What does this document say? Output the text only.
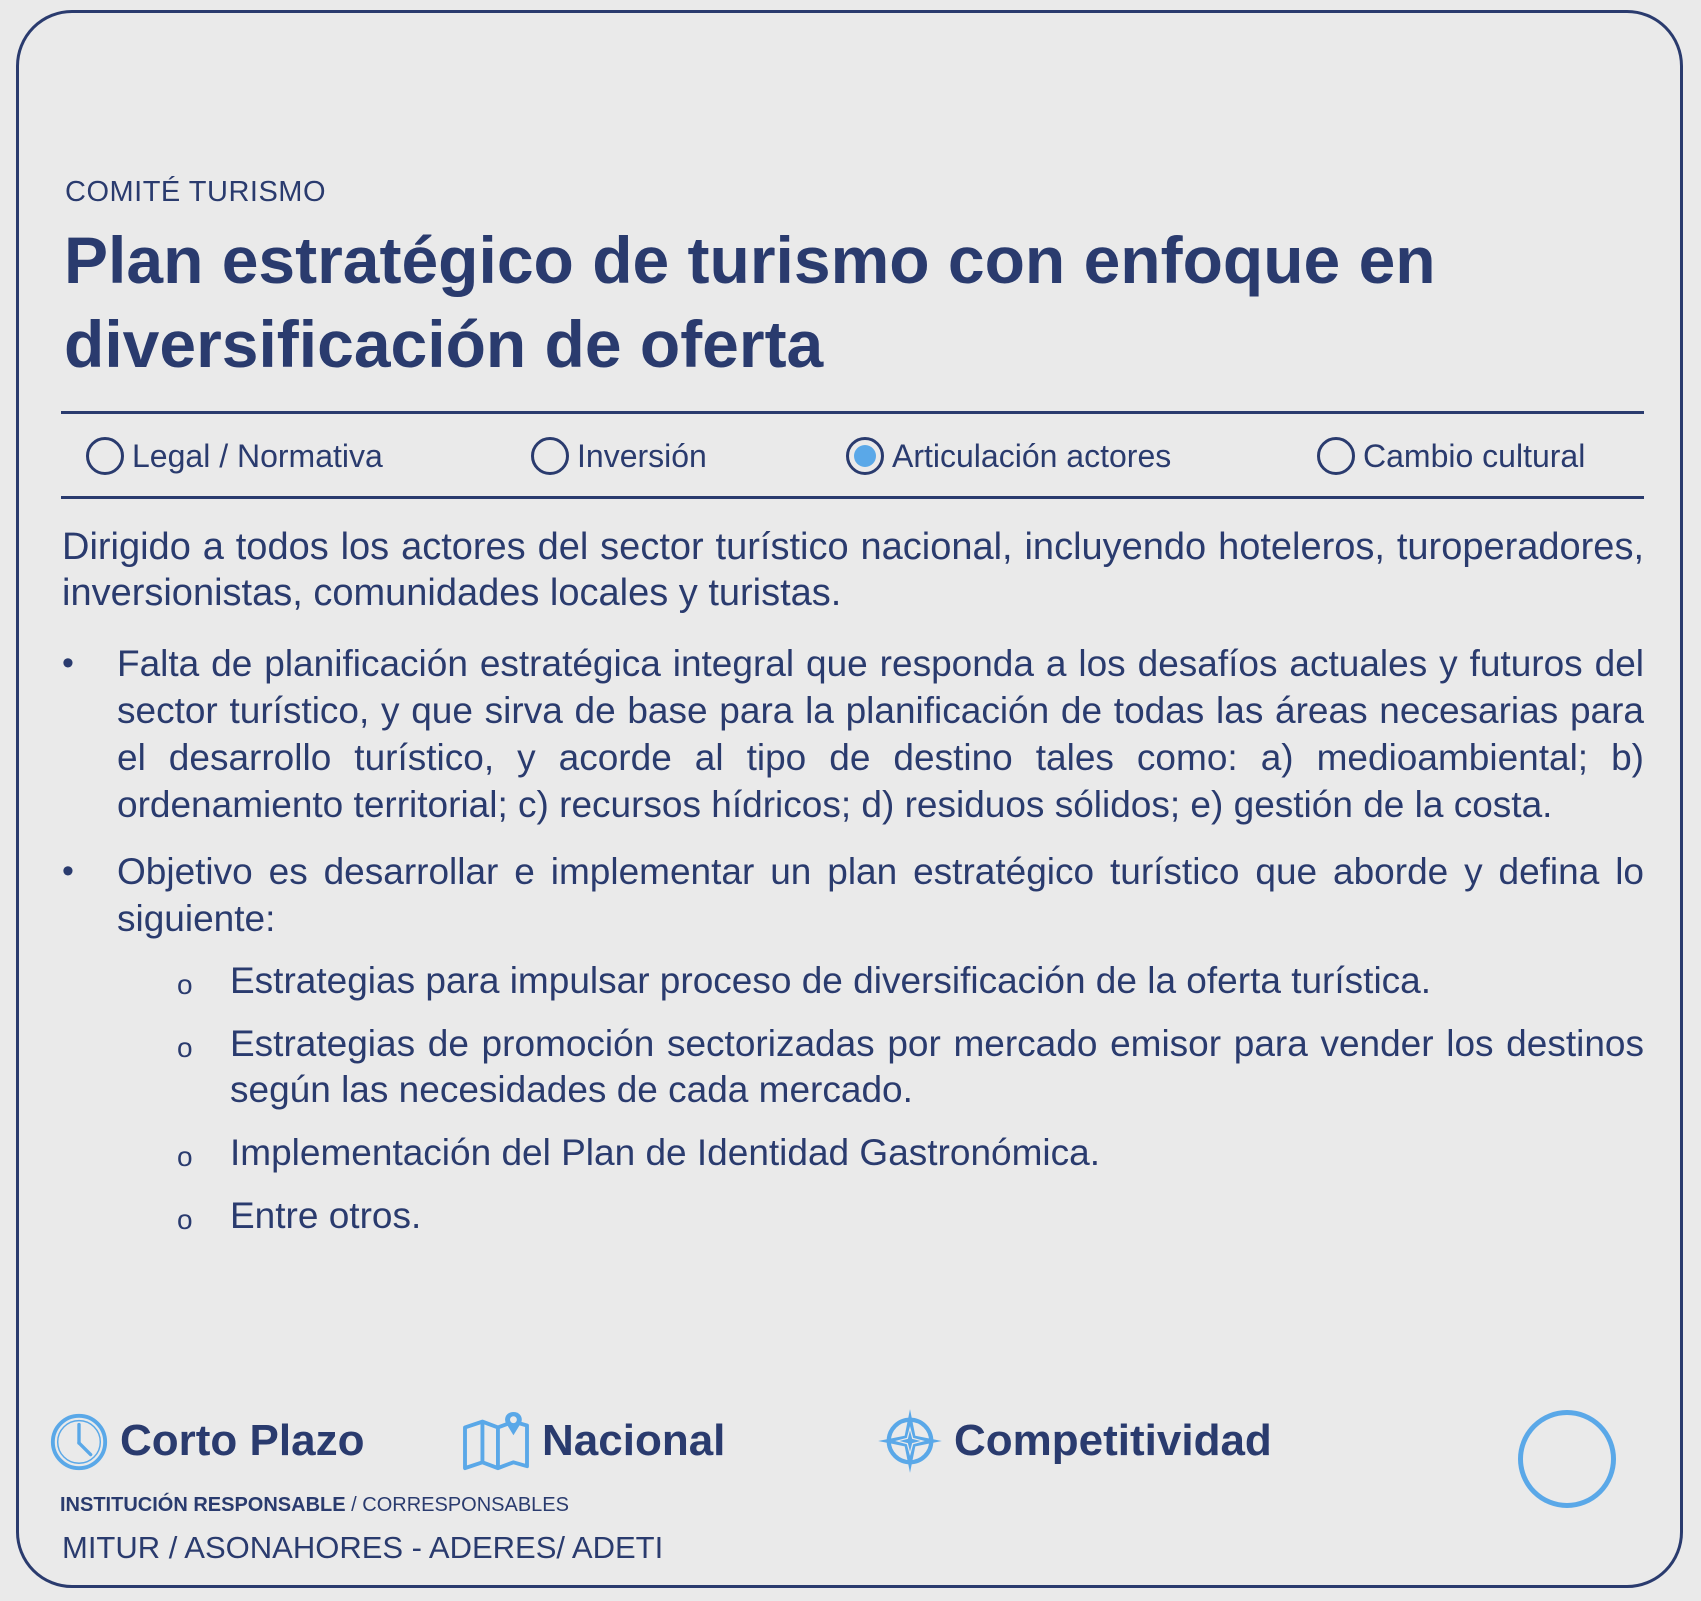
COMITÉ TURISMO
Plan estratégico de turismo con enfoque en diversificación de oferta
Legal / Normativa	Inversión	Articulación actores	Cambio cultural

Dirigido a todos los actores del sector turístico nacional, incluyendo hoteleros, turoperadores, inversionistas, comunidades locales y turistas.

• Falta de planificación estratégica integral que responda a los desafíos actuales y futuros del sector turístico, y que sirva de base para la planificación de todas las áreas necesarias para el desarrollo turístico, y acorde al tipo de destino tales como: a) medioambiental; b) ordenamiento territorial; c) recursos hídricos; d) residuos sólidos; e) gestión de la costa.
• Objetivo es desarrollar e implementar un plan estratégico turístico que aborde y defina lo siguiente:
o Estrategias para impulsar proceso de diversificación de la oferta turística.
o Estrategias de promoción sectorizadas por mercado emisor para vender los destinos según las necesidades de cada mercado.
o Implementación del Plan de Identidad Gastronómica.
o Entre otros.
Corto Plazo	Nacional	Competitividad
INSTITUCIÓN RESPONSABLE / CORRESPONSABLES
MITUR / ASONAHORES - ADERES/ ADETI
